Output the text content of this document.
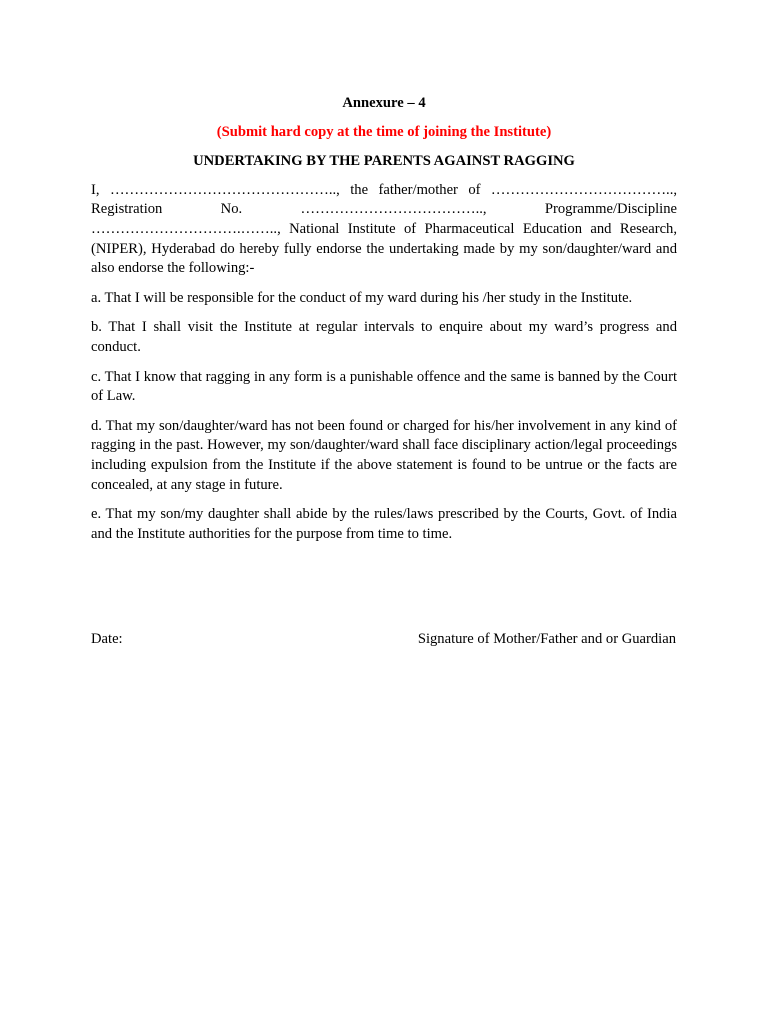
Annexure – 4
(Submit hard copy at the time of joining the Institute)
UNDERTAKING BY THE PARENTS AGAINST RAGGING
I, ……………………………………….., the father/mother of ……………………………….., Registration No. ……………………………….., Programme/Discipline ………………………….…….., National Institute of Pharmaceutical Education and Research, (NIPER), Hyderabad do hereby fully endorse the undertaking made by my son/daughter/ward and also endorse the following:-
a. That I will be responsible for the conduct of my ward during his /her study in the Institute.
b. That I shall visit the Institute at regular intervals to enquire about my ward’s progress and conduct.
c. That I know that ragging in any form is a punishable offence and the same is banned by the Court of Law.
d. That my son/daughter/ward has not been found or charged for his/her involvement in any kind of ragging in the past. However, my son/daughter/ward shall face disciplinary action/legal proceedings including expulsion from the Institute if the above statement is found to be untrue or the facts are concealed, at any stage in future.
e. That my son/my daughter shall abide by the rules/laws prescribed by the Courts, Govt. of India and the Institute authorities for the purpose from time to time.
Date:	Signature of Mother/Father and or Guardian
